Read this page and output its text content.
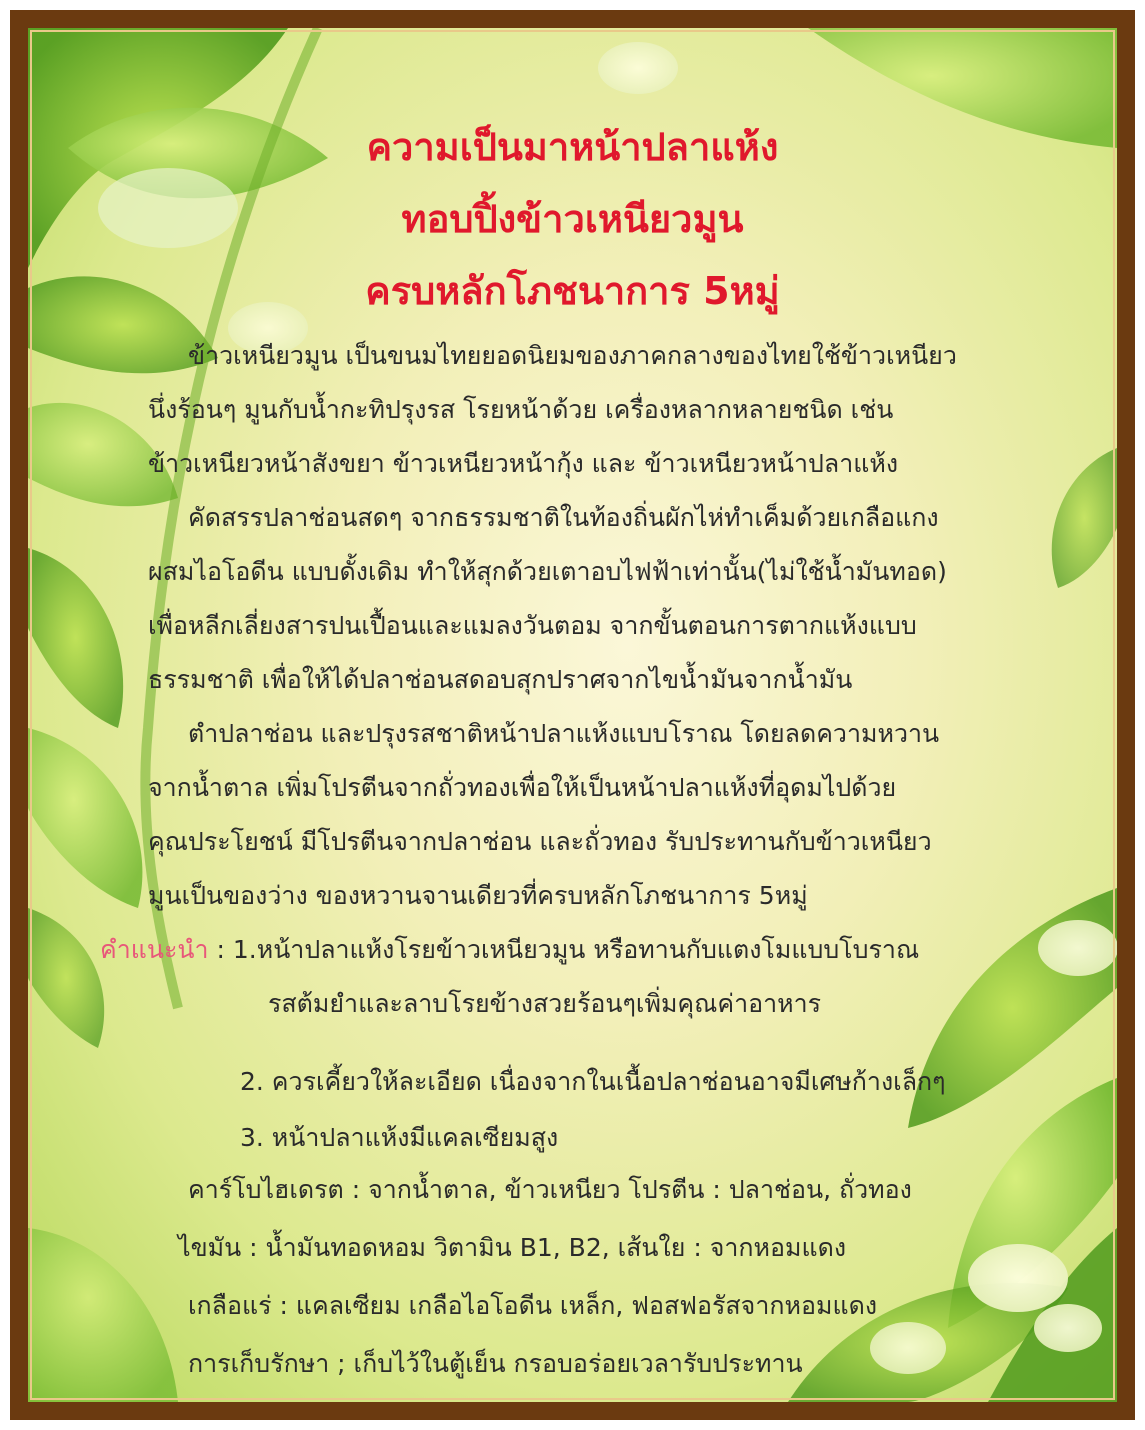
ความเป็นมาหน้าปลาแห้ง
ทอบปิ้งข้าวเหนียวมูน
ครบหลักโภชนาการ 5หมู่
ข้าวเหนียวมูน เป็นขนมไทยยอดนิยมของภาคกลางของไทยใช้ข้าวเหนียว
นึ่งร้อนๆ มูนกับน้ำกะทิปรุงรส โรยหน้าด้วย เครื่องหลากหลายชนิด เช่น
ข้าวเหนียวหน้าสังขยา ข้าวเหนียวหน้ากุ้ง และ ข้าวเหนียวหน้าปลาแห้ง
คัดสรรปลาช่อนสดๆ จากธรรมชาติในท้องถิ่นผักไห่ทำเค็มด้วยเกลือแกง
ผสมไอโอดีน แบบดั้งเดิม ทำให้สุกด้วยเตาอบไฟฟ้าเท่านั้น(ไม่ใช้น้ำมันทอด)
เพื่อหลีกเลี่ยงสารปนเปื้อนและแมลงวันตอม จากขั้นตอนการตากแห้งแบบ
ธรรมชาติ เพื่อให้ได้ปลาช่อนสดอบสุกปราศจากไขน้ำมันจากน้ำมัน
ตำปลาช่อน และปรุงรสชาติหน้าปลาแห้งแบบโราณ โดยลดความหวาน
จากน้ำตาล เพิ่มโปรตีนจากถั่วทองเพื่อให้เป็นหน้าปลาแห้งที่อุดมไปด้วย
คุณประโยชน์ มีโปรตีนจากปลาช่อน และถั่วทอง รับประทานกับข้าวเหนียว
มูนเป็นของว่าง ของหวานจานเดียวที่ครบหลักโภชนาการ 5หมู่
คำแนะนำ : 1.หน้าปลาแห้งโรยข้าวเหนียวมูน หรือทานกับแตงโมแบบโบราณ
รสต้มยำและลาบโรยข้างสวยร้อนๆเพิ่มคุณค่าอาหาร
2. ควรเคี้ยวให้ละเอียด เนื่องจากในเนื้อปลาช่อนอาจมีเศษก้างเล็กๆ
3. หน้าปลาแห้งมีแคลเซียมสูง
คาร์โบไฮเดรต : จากน้ำตาล, ข้าวเหนียว โปรตีน : ปลาช่อน, ถั่วทอง
ไขมัน : น้ำมันทอดหอม วิตามิน B1, B2, เส้นใย : จากหอมแดง
เกลือแร่ : แคลเซียม เกลือไอโอดีน เหล็ก, ฟอสฟอรัสจากหอมแดง
การเก็บรักษา ; เก็บไว้ในตู้เย็น กรอบอร่อยเวลารับประทาน
